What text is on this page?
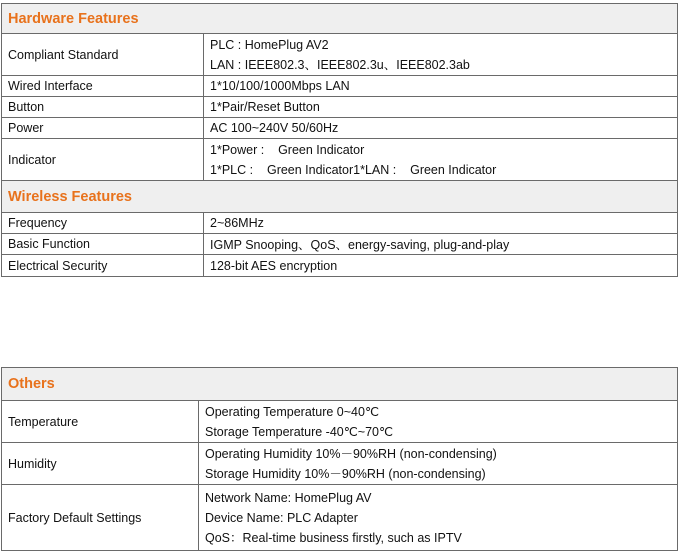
Hardware Features	
Compliant Standard	PLC : HomePlug AV2
LAN : IEEE802.3、IEEE802.3u、IEEE802.3ab

Wired Interface	1*10/100/1000Mbps LAN
Button	1*Pair/Reset Button
Power	AC 100~240V 50/60Hz
Indicator	1*Power :    Green Indicator
1*PLC :    Green Indicator1*LAN :    Green Indicator

Wireless Features	
Frequency	2~86MHz
Basic Function	IGMP Snooping、QoS、energy-saving, plug-and-play
Electrical Security	128-bit AES encryption
Others	
Temperature	Operating Temperature 0~40℃
Storage Temperature -40℃~70℃

Humidity	Operating Humidity 10%－90%RH (non-condensing)
Storage Humidity 10%－90%RH (non-condensing)

Factory Default Settings	Network Name: HomePlug AV
Device Name: PLC Adapter
QoS：Real-time business firstly, such as IPTV
